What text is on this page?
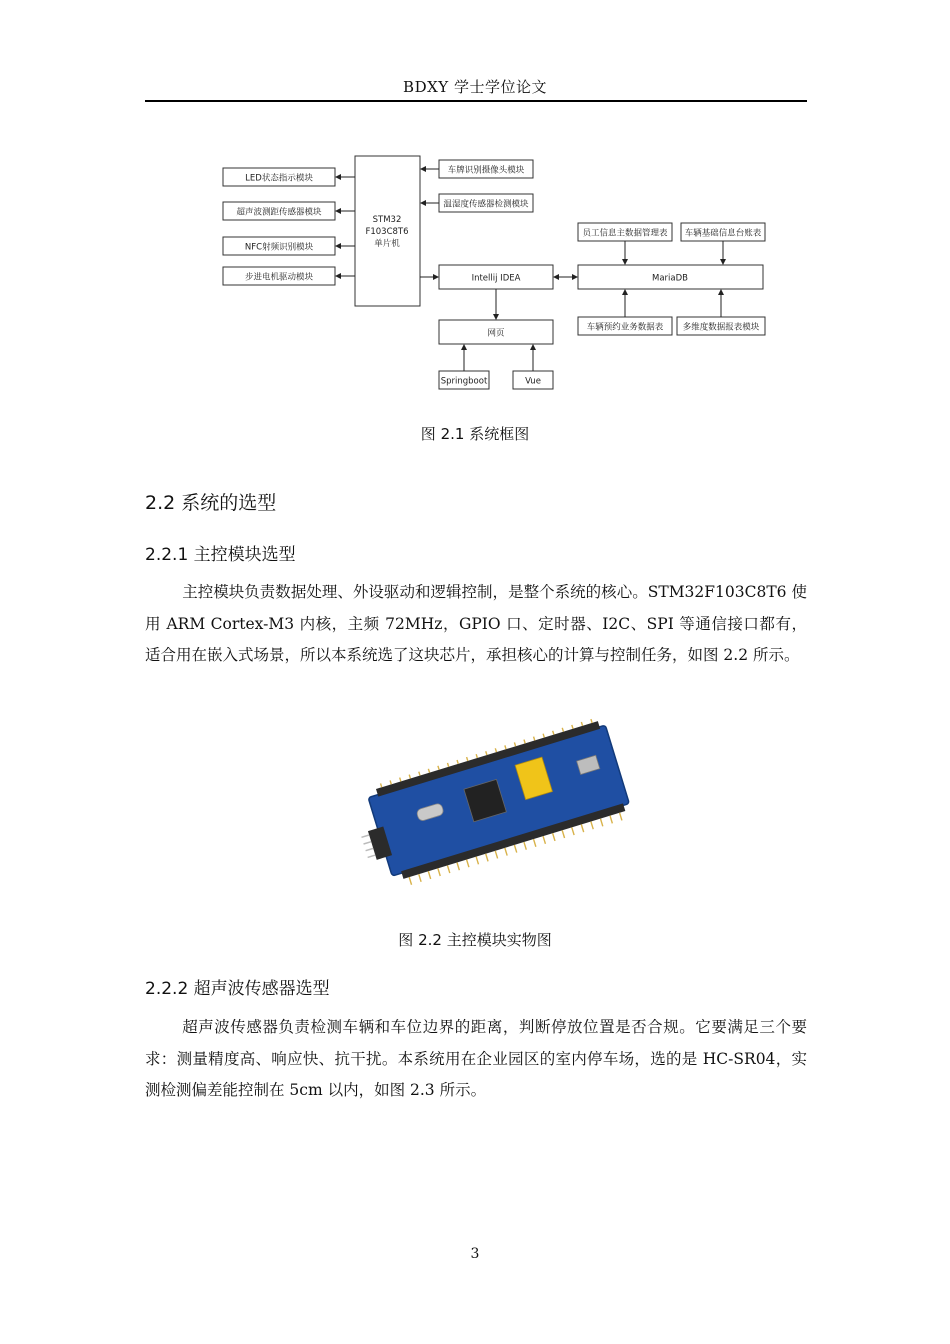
BDXY 学士学位论文
LED状态指示模块
超声波测距传感器模块
NFC射频识别模块
步进电机驱动模块
STM32
F103C8T6
单片机
车牌识别摄像头模块
温湿度传感器检测模块
Intellij IDEA	MariaDB
员工信息主数据管理表 车辆基础信息台账表
车辆预约业务数据表 多维度数据报表模块
网页
Springboot	Vue
图 2.1 系统框图
2.2 系统的选型
2.2.1 主控模块选型
主控模块负责数据处理、外设驱动和逻辑控制，是整个系统的核心。STM32F103C8T6 使用 ARM Cortex-M3 内核，主频 72MHz，GPIO 口、定时器、I2C、SPI 等通信接口都有，适合用在嵌入式场景，所以本系统选了这块芯片，承担核心的计算与控制任务，如图 2.2 所示。
图 2.2 主控模块实物图
2.2.2 超声波传感器选型
超声波传感器负责检测车辆和车位边界的距离，判断停放位置是否合规。它要满足三个要求：测量精度高、响应快、抗干扰。本系统用在企业园区的室内停车场，选的是 HC-SR04，实测检测偏差能控制在 5cm 以内，如图 2.3 所示。
3
